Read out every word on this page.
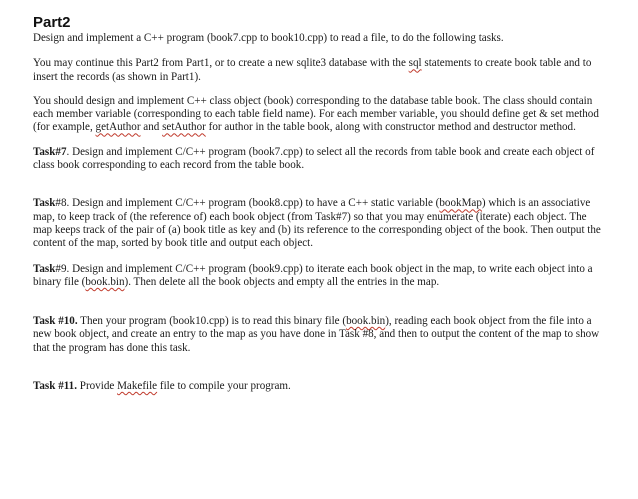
Part2

Design and implement a C++ program (book7.cpp to book10.cpp) to read a file, to do the following tasks.

You may continue this Part2 from Part1, or to create a new sqlite3 database with the sql statements to create book table and to insert the records (as shown in Part1).

You should design and implement C++ class object (book) corresponding to the database table book. The class should contain each member variable (corresponding to each table field name). For each member variable, you should define get & set method (for example, getAuthor and setAuthor for author in the table book, along with constructor method and destructor method.

Task#7. Design and implement C/C++ program (book7.cpp) to select all the records from table book and create each object of class book corresponding to each record from the table book.

Task#8. Design and implement C/C++ program (book8.cpp) to have a C++ static variable (bookMap) which is an associative map, to keep track of (the reference of) each book object (from Task#7) so that you may enumerate (iterate) each object. The map keeps track of the pair of (a) book title as key and (b) its reference to the corresponding object of the book. Then output the content of the map, sorted by book title and output each object.

Task#9. Design and implement C/C++ program (book9.cpp) to iterate each book object in the map, to write each object into a binary file (book.bin). Then delete all the book objects and empty all the entries in the map.

Task #10. Then your program (book10.cpp) is to read this binary file (book.bin), reading each book object from the file into a new book object, and create an entry to the map as you have done in Task #8, and then to output the content of the map to show that the program has done this task.

Task #11. Provide Makefile file to compile your program.
